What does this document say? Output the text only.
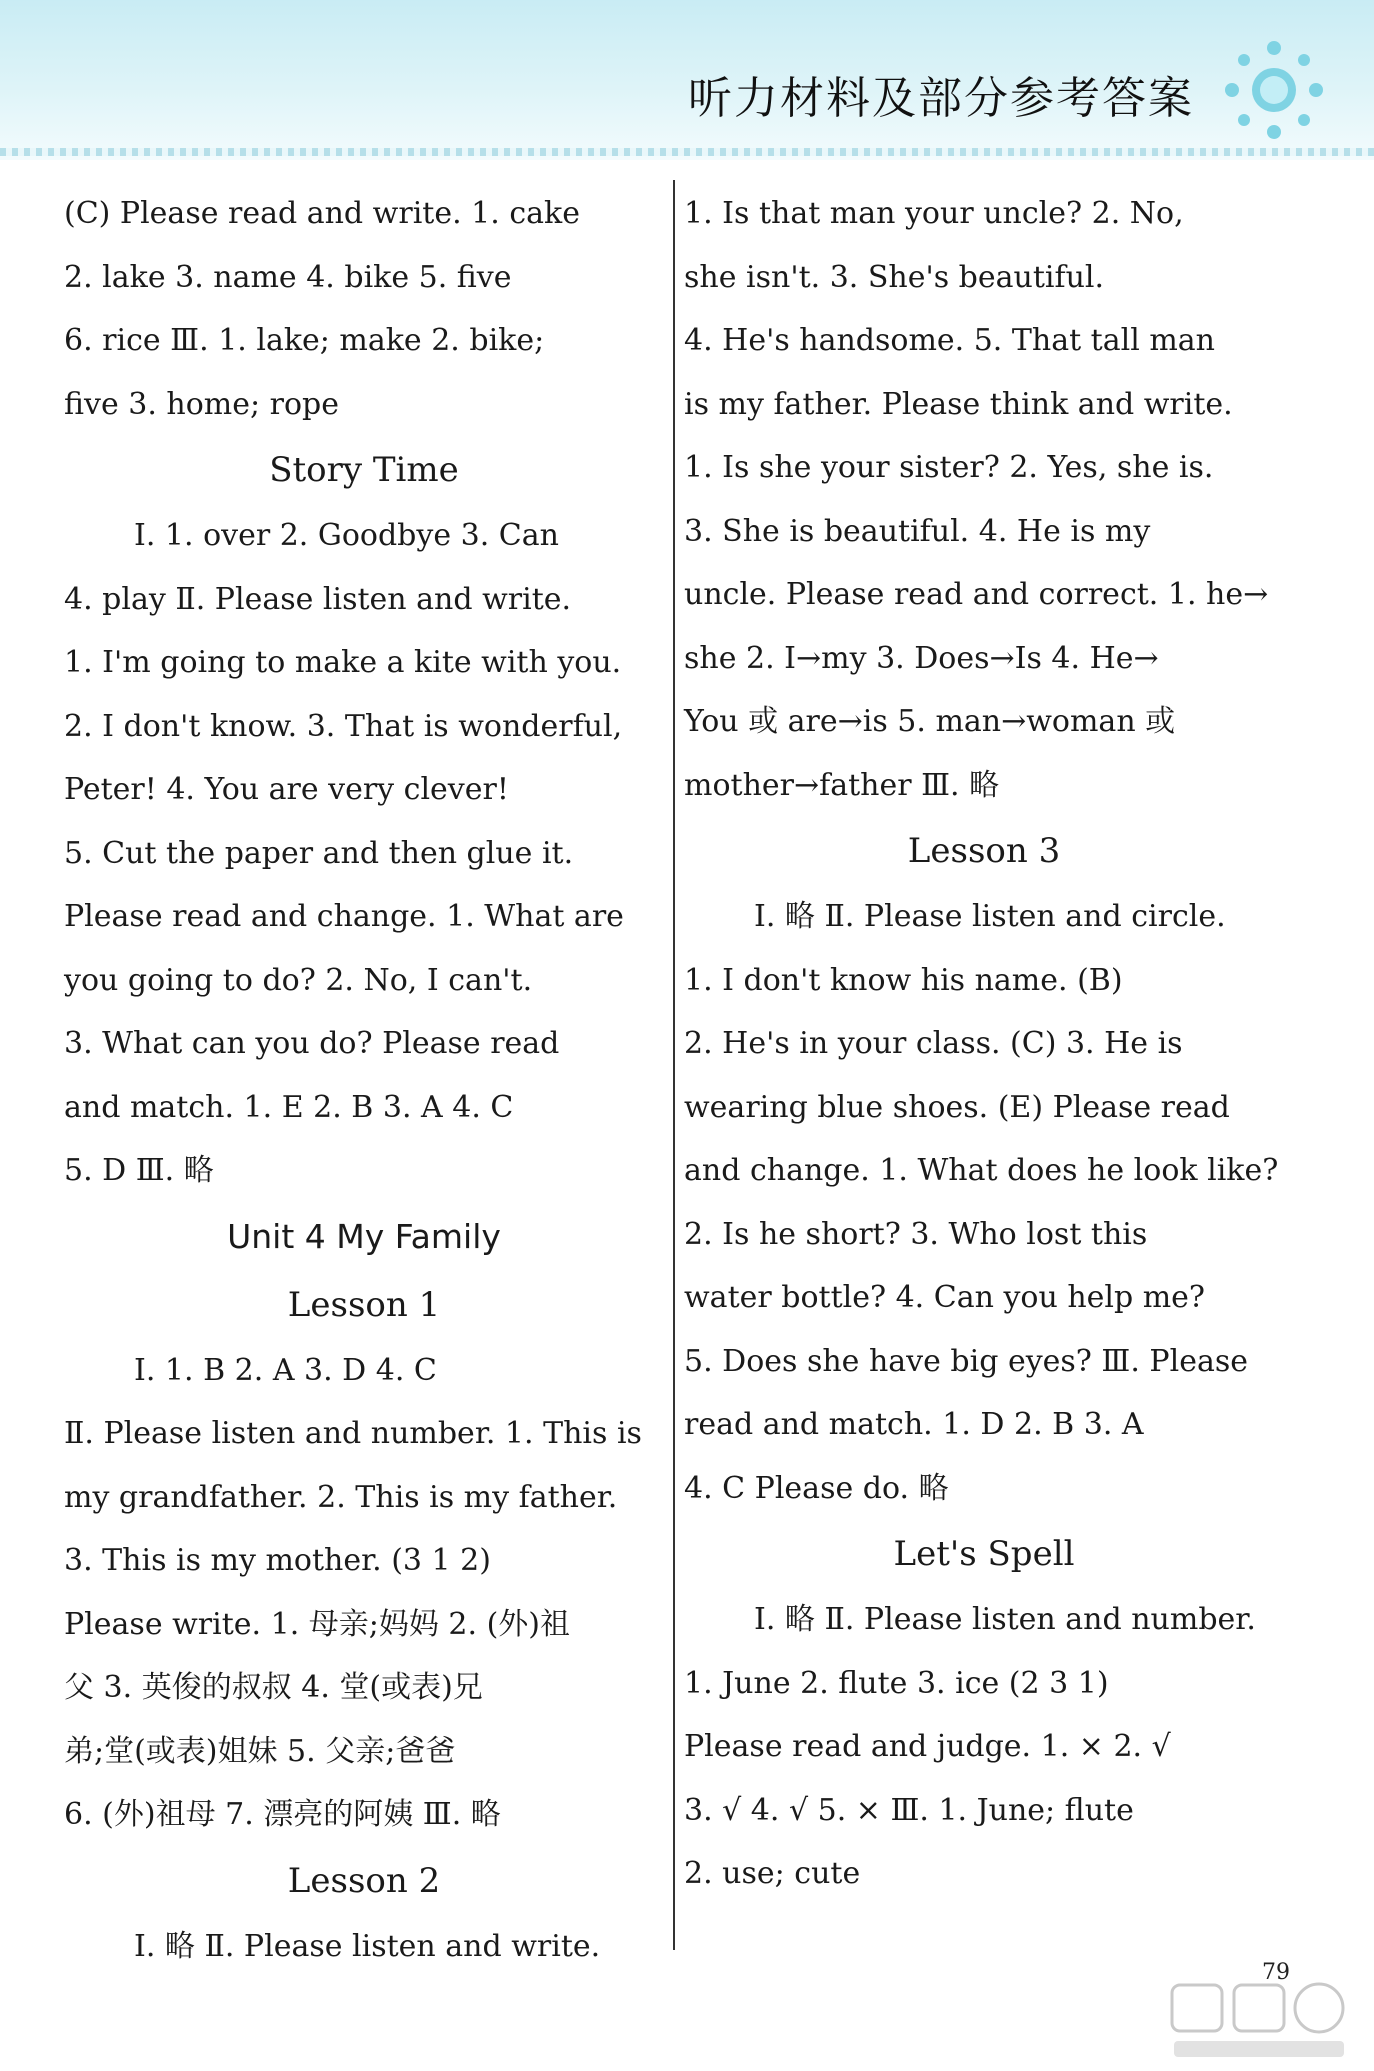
听力材料及部分参考答案
(C) Please read and write. 1. cake
2. lake 3. name 4. bike 5. five
6. rice Ⅲ. 1. lake; make 2. bike;
five 3. home; rope
Story Time
Ⅰ. 1. over 2. Goodbye 3. Can
4. play Ⅱ. Please listen and write.
1. I'm going to make a kite with you.
2. I don't know. 3. That is wonderful,
Peter! 4. You are very clever!
5. Cut the paper and then glue it.
Please read and change. 1. What are
you going to do? 2. No, I can't.
3. What can you do? Please read
and match. 1. E 2. B 3. A 4. C
5. D Ⅲ. 略
Unit 4 My Family
Lesson 1
Ⅰ. 1. B 2. A 3. D 4. C
Ⅱ. Please listen and number. 1. This is
my grandfather. 2. This is my father.
3. This is my mother. (3 1 2)
Please write. 1. 母亲;妈妈 2. (外)祖
父 3. 英俊的叔叔 4. 堂(或表)兄
弟;堂(或表)姐妹 5. 父亲;爸爸
6. (外)祖母 7. 漂亮的阿姨 Ⅲ. 略
Lesson 2
Ⅰ. 略 Ⅱ. Please listen and write.
1. Is that man your uncle? 2. No,
she isn't. 3. She's beautiful.
4. He's handsome. 5. That tall man
is my father. Please think and write.
1. Is she your sister? 2. Yes, she is.
3. She is beautiful. 4. He is my
uncle. Please read and correct. 1. he→
she 2. I→my 3. Does→Is 4. He→
You 或 are→is 5. man→woman 或
mother→father Ⅲ. 略
Lesson 3
Ⅰ. 略 Ⅱ. Please listen and circle.
1. I don't know his name. (B)
2. He's in your class. (C) 3. He is
wearing blue shoes. (E) Please read
and change. 1. What does he look like?
2. Is he short? 3. Who lost this
water bottle? 4. Can you help me?
5. Does she have big eyes? Ⅲ. Please
read and match. 1. D 2. B 3. A
4. C Please do. 略
Let's Spell
Ⅰ. 略 Ⅱ. Please listen and number.
1. June 2. flute 3. ice (2 3 1)
Please read and judge. 1. × 2. √
3. √ 4. √ 5. × Ⅲ. 1. June; flute
2. use; cute
79
